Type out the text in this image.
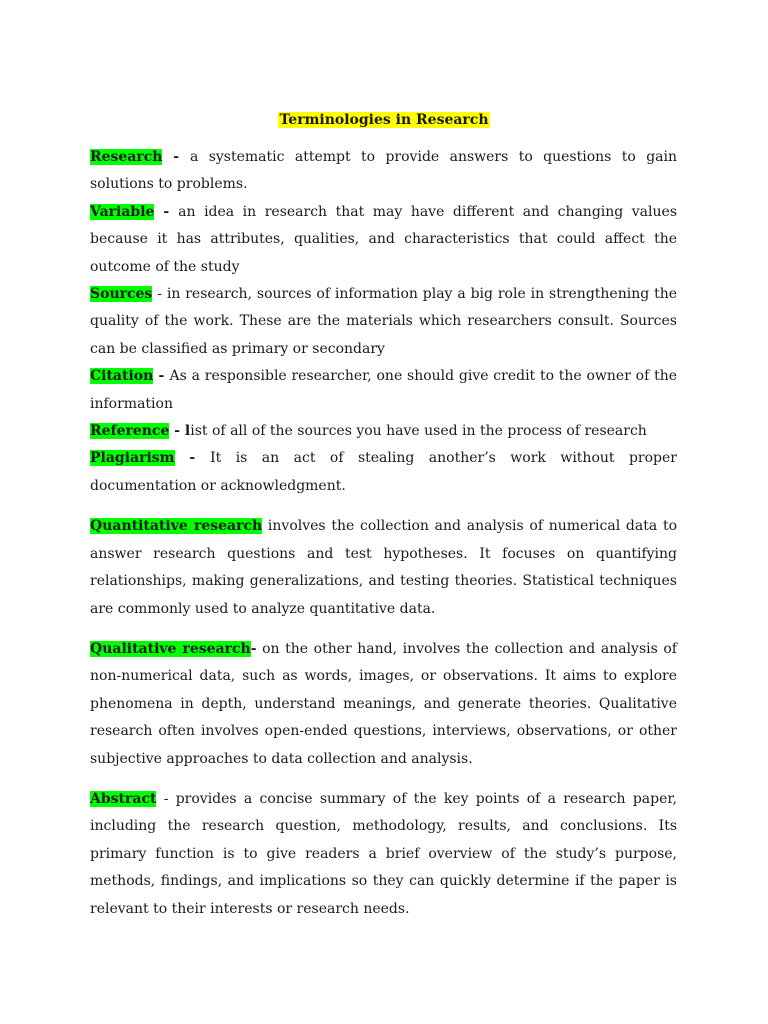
Terminologies in Research

Research - a systematic attempt to provide answers to questions to gain solutions to problems.

Variable - an idea in research that may have different and changing values because it has attributes, qualities, and characteristics that could affect the outcome of the study

Sources - in research, sources of information play a big role in strengthening the quality of the work. These are the materials which researchers consult. Sources can be classified as primary or secondary

Citation - As a responsible researcher, one should give credit to the owner of the information

Reference - list of all of the sources you have used in the process of research

Plagiarism - It is an act of stealing another’s work without proper documentation or acknowledgment.

Quantitative research involves the collection and analysis of numerical data to answer research questions and test hypotheses. It focuses on quantifying relationships, making generalizations, and testing theories. Statistical techniques are commonly used to analyze quantitative data.

Qualitative research- on the other hand, involves the collection and analysis of non-numerical data, such as words, images, or observations. It aims to explore phenomena in depth, understand meanings, and generate theories. Qualitative research often involves open-ended questions, interviews, observations, or other subjective approaches to data collection and analysis.

Abstract - provides a concise summary of the key points of a research paper, including the research question, methodology, results, and conclusions. Its primary function is to give readers a brief overview of the study’s purpose, methods, findings, and implications so they can quickly determine if the paper is relevant to their interests or research needs.
